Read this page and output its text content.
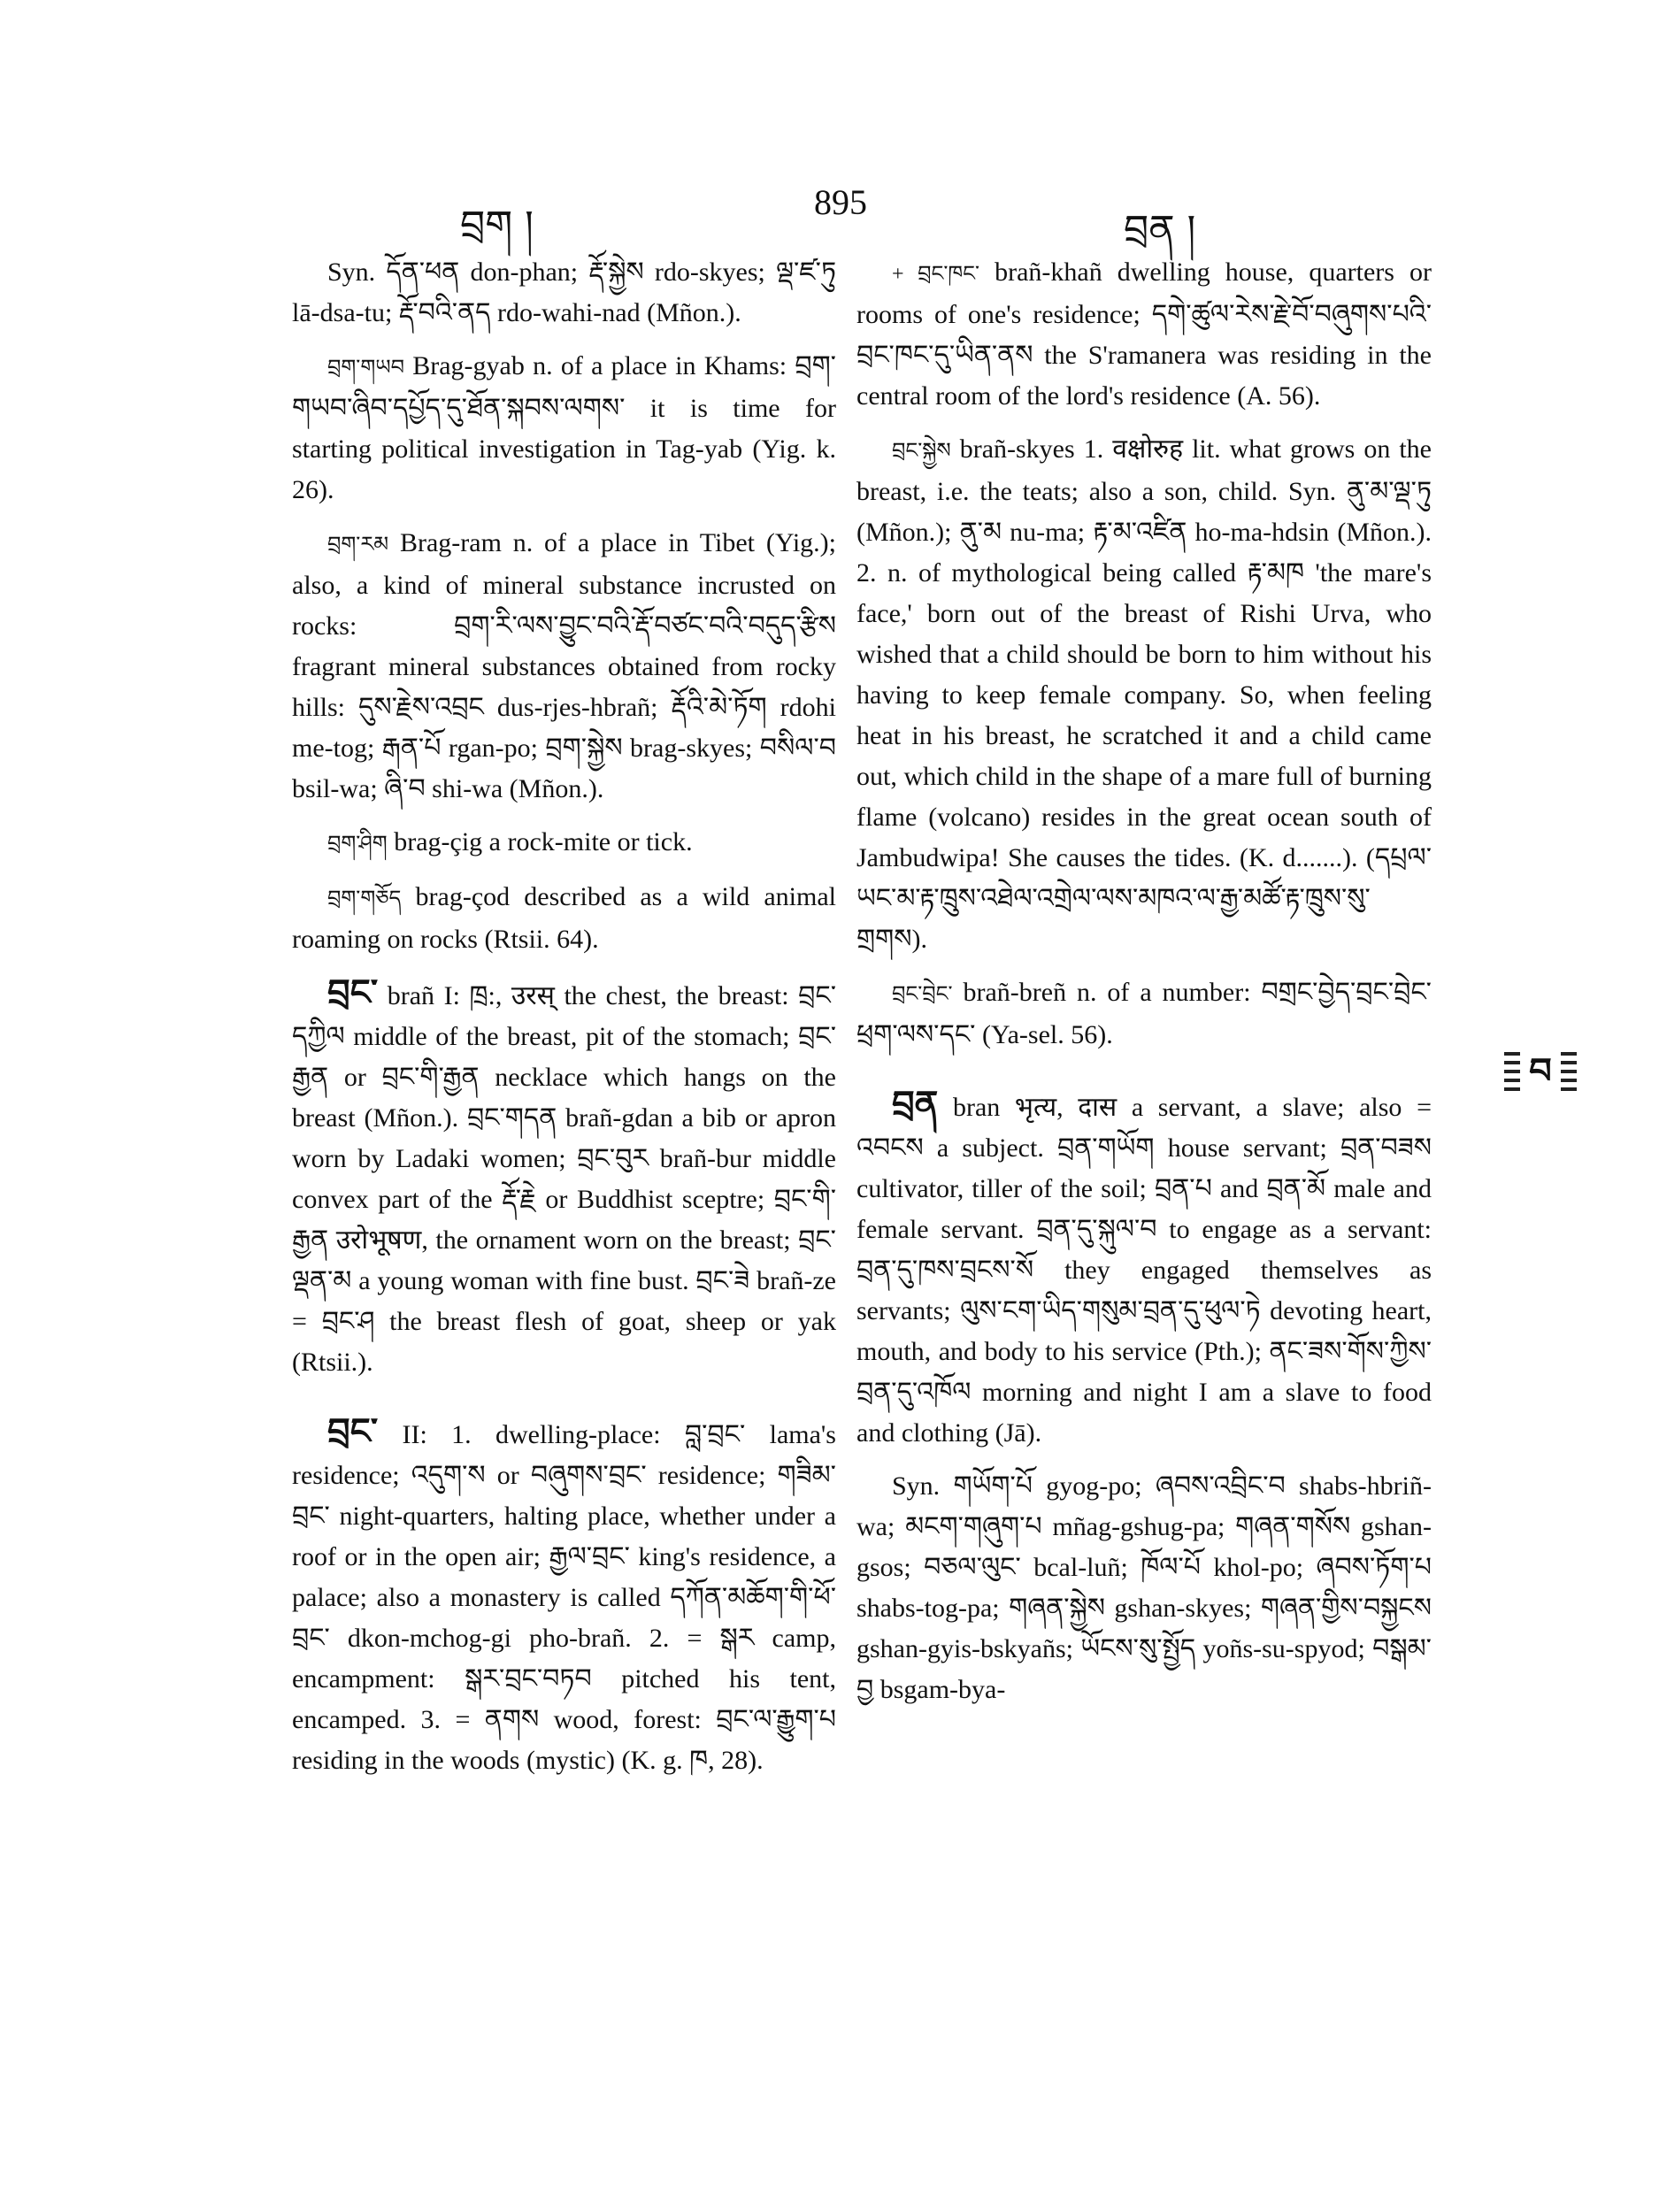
བྲག །
895
བྲན །

Syn. དོན་ཕན don-phan; རྡོ་སྐྱེས rdo-skyes; ལྡ་ཛ་ཏུ lā-dsa-tu; རྡོ་བའི་ནད rdo-wahi-nad (Mñon.).

བྲག་གཡབ Brag-gyab n. of a place in Khams: བྲག་གཡབ་ཞིབ་དཔྱོད་དུ་ཐོན་སྐབས་ལགས་ it is time for starting political investigation in Tag-yab (Yig. k. 26).

བྲག་རམ Brag-ram n. of a place in Tibet (Yig.); also, a kind of mineral substance incrusted on rocks: བྲག་རི་ལས་བྱུང་བའི་རྡོ་བཙང་བའི་བདུད་རྩིས fragrant mineral substances obtained from rocky hills: དུས་རྗེས་འབྲང dus-rjes-hbrañ; རྡོའི་མེ་ཏོག rdohi me-tog; རྒན་པོ rgan-po; བྲག་སྐྱེས brag-skyes; བསིལ་བ bsil-wa; ཞི་བ shi-wa (Mñon.).

བྲག་ཤིག brag-çig a rock-mite or tick.

བྲག་གཅོད brag-çod described as a wild animal roaming on rocks (Rtsii. 64).

བྲང་ brañ I: ཁྲ:, उरस् the chest, the breast: བྲང་དཀྱིལ middle of the breast, pit of the stomach; བྲང་རྒྱན or བྲང་གི་རྒྱན necklace which hangs on the breast (Mñon.). བྲང་གདན brañ-gdan a bib or apron worn by Ladaki women; བྲང་བུར brañ-bur middle convex part of the རྡོ་རྗེ or Buddhist sceptre; བྲང་གི་རྒྱན उरोभूषण, the ornament worn on the breast; བྲང་ལྡན་མ a young woman with fine bust. བྲང་ཟེ brañ-ze = བྲང་ཤ the breast flesh of goat, sheep or yak (Rtsii.).

བྲང་ II: 1. dwelling-place: བླ་བྲང་ lama's residence; འདུག་ས or བཞུགས་བྲང་ residence; གཟིམ་བྲང་ night-quarters, halting place, whether under a roof or in the open air; རྒྱལ་བྲང་ king's residence, a palace; also a monastery is called དཀོན་མཆོག་གི་ཕོ་བྲང་ dkon-mchog-gi pho-brañ. 2. = སྒར camp, encampment: སྒར་བྲང་བཏབ pitched his tent, encamped. 3. = ནགས wood, forest: བྲང་ལ་རྒྱུག་པ residing in the woods (mystic) (K. g. ཁ, 28).

+ བྲང་ཁང་ brañ-khañ dwelling house, quarters or rooms of one's residence; དགེ་ཚུལ་རེས་རྗེ་བོ་བཞུགས་པའི་བྲང་ཁང་དུ་ཡིན་ནས the S'ramanera was residing in the central room of the lord's residence (A. 56).

བྲང་སྐྱེས brañ-skyes 1. वक्षोरुह lit. what grows on the breast, i.e. the teats; also a son, child. Syn. ནུ་མ་ལྡ་ཏུ (Mñon.); ནུ་མ nu-ma; རྟ་མ་འཛིན ho-ma-hdsin (Mñon.). 2. n. of mythological being called རྟ་མཁ 'the mare's face,' born out of the breast of Rishi Urva, who wished that a child should be born to him without his having to keep female company. So, when feeling heat in his breast, he scratched it and a child came out, which child in the shape of a mare full of burning flame (volcano) resides in the great ocean south of Jambudwipa! She causes the tides. (K. d.......). (དཔྲལ་ཡང་མ་རྟ་ཁྲུས་འཐེལ་འགྲེལ་ལས་མཁའ་ལ་རྒྱ་མཚོ་རྟ་ཁྲུས་སུ་གྲགས).

བྲང་བྲེང་ brañ-breñ n. of a number: བགྲང་བྱེད་བྲང་བྲེང་ཕྲག་ལས་དང་ (Ya-sel. 56).

བྲན bran भृत्य, दास a servant, a slave; also = འབངས a subject. བྲན་གཡོག house servant; བྲན་བཟས cultivator, tiller of the soil; བྲན་པ and བྲན་མོ male and female servant. བྲན་དུ་སྐུལ་བ to engage as a servant: བྲན་དུ་ཁས་བྲངས་སོ they engaged themselves as servants; ལུས་ངག་ཡིད་གསུམ་བྲན་དུ་ཕུལ་ཏེ devoting heart, mouth, and body to his service (Pth.); ནང་ཟས་གོས་ཀྱིས་བྲན་དུ་འཁོལ morning and night I am a slave to food and clothing (Jā).

Syn. གཡོག་པོ gyog-po; ཞབས་འབྲིང་བ shabs-hbriñ-wa; མངག་གཞུག་པ mñag-gshug-pa; གཞན་གསོས gshan-gsos; བཅལ་ལུང་ bcal-luñ; ཁོལ་པོ khol-po; ཞབས་ཏོག་པ shabs-tog-pa; གཞན་སྐྱེས gshan-skyes; གཞན་གྱིས་བསྐྱངས gshan-gyis-bskyañs; ཡོངས་སུ་སྤྱོད yoñs-su-spyod; བསྒམ་བྱ bsgam-bya-

བ
